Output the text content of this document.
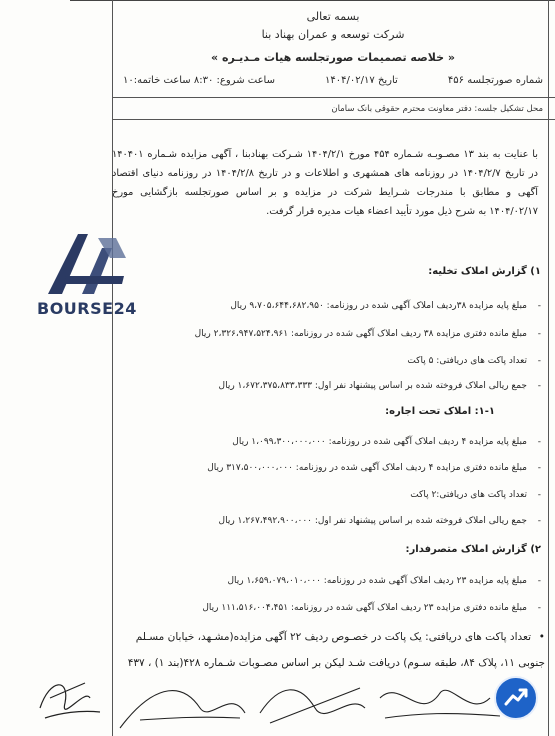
بسمه تعالی
شرکت توسعه و عمران بهناد بنا
« خلاصه تصمیمات صورتجلسه هیات مـدیـره »
شماره صورتجلسه ۴۵۶
تاریخ ۱۴۰۴/۰۲/۱۷
ساعت شروع: ۸:۳۰ ساعت خاتمه:۱۰
محل تشکیل جلسه: دفتر معاونت محترم حقوقی بانک سامان

با عنایت به بند ۱۳ مصـوبـه شـماره ۴۵۴ مورخ ۱۴۰۴/۲/۱ شـرکت بهنادبنا ، آگهی مزایده شـماره ۱۴۰۴۰۱ در تاریخ ۱۴۰۴/۲/۷ در روزنامه های همشهری و اطلاعات و در تاریخ ۱۴۰۴/۲/۸ در روزنامه دنیای اقتصاد آگهی و مطابق با مندرجات شـرایط شرکت در مزایده و بر اساس صورتجلسه بازگشایی مورخ ۱۴۰۴/۰۲/۱۷ به شرح ذیل مورد تأیید اعضاء هیات مدیره قرار گرفت.

۱) گزارش املاک تخلیه:
-مبلغ پایه مزایده ۳۸ردیف املاک آگهی شده در روزنامه: ۹،۷۰۵،۶۴۴،۶۸۲،۹۵۰ ریال
-مبلغ مانده دفتری مزایده ۳۸ ردیف املاک آگهی شده در روزنامه: ۲،۳۲۶،۹۴۷،۵۲۴،۹۶۱ ریال
-تعداد پاکت های دریافتی: ۵ پاکت
-جمع ریالی املاک فروخته شده بر اساس پیشنهاد نفر اول: ۱،۶۷۲،۳۷۵،۸۳۳،۳۳۳ ریال
۱-۱: املاک تحت اجاره:
-مبلغ پایه مزایده ۴ ردیف املاک آگهی شده در روزنامه: ۱،۰۹۹،۳۰۰،۰۰۰،۰۰۰ ریال
-مبلغ مانده دفتری مزایده ۴ ردیف املاک آگهی شده در روزنامه: ۳۱۷،۵۰۰،۰۰۰،۰۰۰ ریال
-تعداد پاکت های دریافتی:۲ پاکت
-جمع ریالی املاک فروخته شده بر اساس پیشنهاد نفر اول: ۱،۲۶۷،۴۹۲،۹۰۰،۰۰۰ ریال
۲) گزارش املاک متصرفدار:
-مبلغ پایه مزایده ۲۳ ردیف املاک آگهی شده در روزنامه: ۱،۶۵۹،۰۷۹،۰۱۰،۰۰۰ ریال
-مبلغ مانده دفتری مزایده ۲۳ ردیف املاک آگهی شده در روزنامه: ۱۱۱،۵۱۶،۰۰۴،۴۵۱ ریال
•تعداد پاکت های دریافتی: یک پاکت در خصـوص ردیف ۲۲ آگهی مزایده(مشـهد، خیابان مسـلم
جنوبی ۱۱، پلاک ۸۴، طبقه سـوم) دریافت شـد لیکن بر اساس مصـوبات شـماره ۴۲۸(بند ۱) ، ۴۳۷
BOURSE24
